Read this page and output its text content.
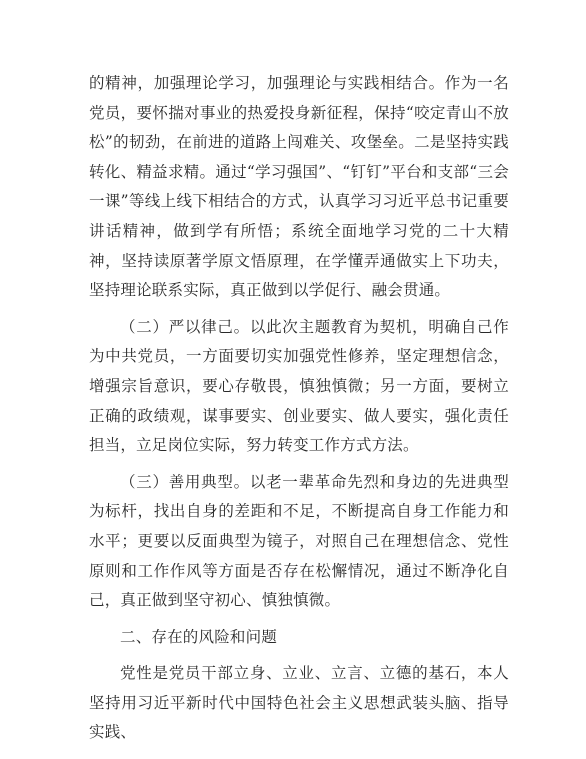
的精神，加强理论学习，加强理论与实践相结合。作为一名党员，要怀揣对事业的热爱投身新征程，保持“咬定青山不放松”的韧劲，在前进的道路上闯难关、攻堡垒。二是坚持实践转化、精益求精。通过“学习强国”、“钉钉”平台和支部“三会一课”等线上线下相结合的方式，认真学习习近平总书记重要讲话精神，做到学有所悟；系统全面地学习党的二十大精神，坚持读原著学原文悟原理，在学懂弄通做实上下功夫，坚持理论联系实际，真正做到以学促行、融会贯通。

（二）严以律己。以此次主题教育为契机，明确自己作为中共党员，一方面要切实加强党性修养，坚定理想信念，增强宗旨意识，要心存敬畏，慎独慎微；另一方面，要树立正确的政绩观，谋事要实、创业要实、做人要实，强化责任担当，立足岗位实际，努力转变工作方式方法。

（三）善用典型。以老一辈革命先烈和身边的先进典型为标杆，找出自身的差距和不足，不断提高自身工作能力和水平；更要以反面典型为镜子，对照自己在理想信念、党性原则和工作作风等方面是否存在松懈情况，通过不断净化自己，真正做到坚守初心、慎独慎微。

二、存在的风险和问题

党性是党员干部立身、立业、立言、立德的基石，本人坚持用习近平新时代中国特色社会主义思想武装头脑、指导实践、
